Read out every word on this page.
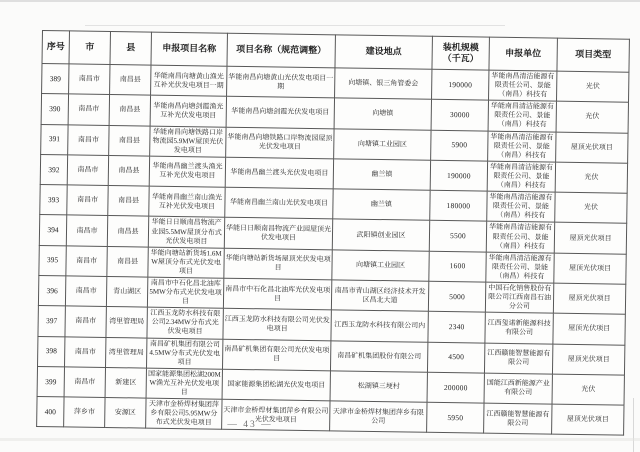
序号	市	县	申报项目名称	项目名称（规范调整）	建设地点	装机规模（千瓦）	申报单位	项目类型
389	南昌市	南昌县	华能南昌向塘黄山渔光互补光伏发电项目一期	华能南昌向塘黄山光伏发电项目一期	向塘镇、银三角管委会	190000	华能南昌清洁能源有限责任公司、景能（南昌）科技有	光伏
390	南昌市	南昌县	华能南昌向塘剑霞渔光互补光伏发电项目	华能南昌向塘剑霞光伏发电项目	向塘镇	30000	华能南昌清洁能源有限责任公司、景能（南昌）科技有	光伏
391	南昌市	南昌县	华能南昌向塘铁路口岸物流园5.9MW屋顶光伏发电项目	华能南昌向塘铁路口岸物流园屋顶光伏发电项目	向塘镇工业园区	5900	华能南昌清洁能源有限责任公司、景能（南昌）科技有	屋顶光伏项目
392	南昌市	南昌县	华能南昌幽兰渡头渔光互补光伏发电项目	华能南昌幽兰渡头光伏发电项目	幽兰镇	190000	华能南昌清洁能源有限责任公司、景能（南昌）科技有	光伏
393	南昌市	南昌县	华能南昌幽兰南山渔光互补光伏发电项目	华能南昌幽兰南山光伏发电项目	幽兰镇	180000	华能南昌清洁能源有限责任公司、景能（南昌）科技有	光伏
394	南昌市	南昌县	华能日日顺南昌物流产业园5.5MW屋顶分布式光伏发电项目	华能日日顺南昌物流产业园屋顶光伏发电项目	武阳镇创业园区	5500	华能南昌清洁能源有限责任公司、景能（南昌）科技有	屋顶光伏项目
395	南昌市	南昌县	华能向塘站新货场1.6MW屋顶分布式光伏发电项目	华能向塘站新货场屋顶光伏发电项目	向塘镇工业园区	1600	华能南昌清洁能源有限责任公司、景能（南昌）科技有	屋顶光伏项目
396	南昌市	青山湖区	南昌市中石化昌北油库5MW分布式光伏发电项目	南昌市中石化昌北油库光伏发电项目	南昌市青山湖区经济技术开发区昌北大道	5000	中国石化销售股份有限公司江西南昌石油分公司	屋顶光伏项目
397	南昌市	湾里管理局	江西玉龙防水科技有限公司2.34MW分布式光伏发电项目	江西玉龙防水科技有限公司光伏发电项目	江西玉龙防水科技有限公司内	2340	江西玺诺新能源科技有限公司	屋顶光伏项目
398	南昌市	湾里管理局	南昌矿机集团有限公司4.5MW分布式光伏发电项目	南昌矿机集团有限公司光伏发电项目	南昌矿机集团股份有限公司	4500	江西赣能智慧能源有限公司	屋顶光伏项目
399	南昌市	新建区	国家能源集团松湖200MW渔光互补光伏发电项目	国家能源集团松湖光伏发电项目	松湖镇三埂村	200000	国能江西新能源产业有限公司	光伏
400	萍乡市	安源区	天津市金桥焊材集团萍乡有限公司5.95MW分布式光伏发电项目	天津市金桥焊材集团萍乡有限公司光伏发电项目	天津市金桥焊材集团萍乡有限公司	5950	江西赣能智慧能源有限公司	屋顶光伏项目
— 43 —
